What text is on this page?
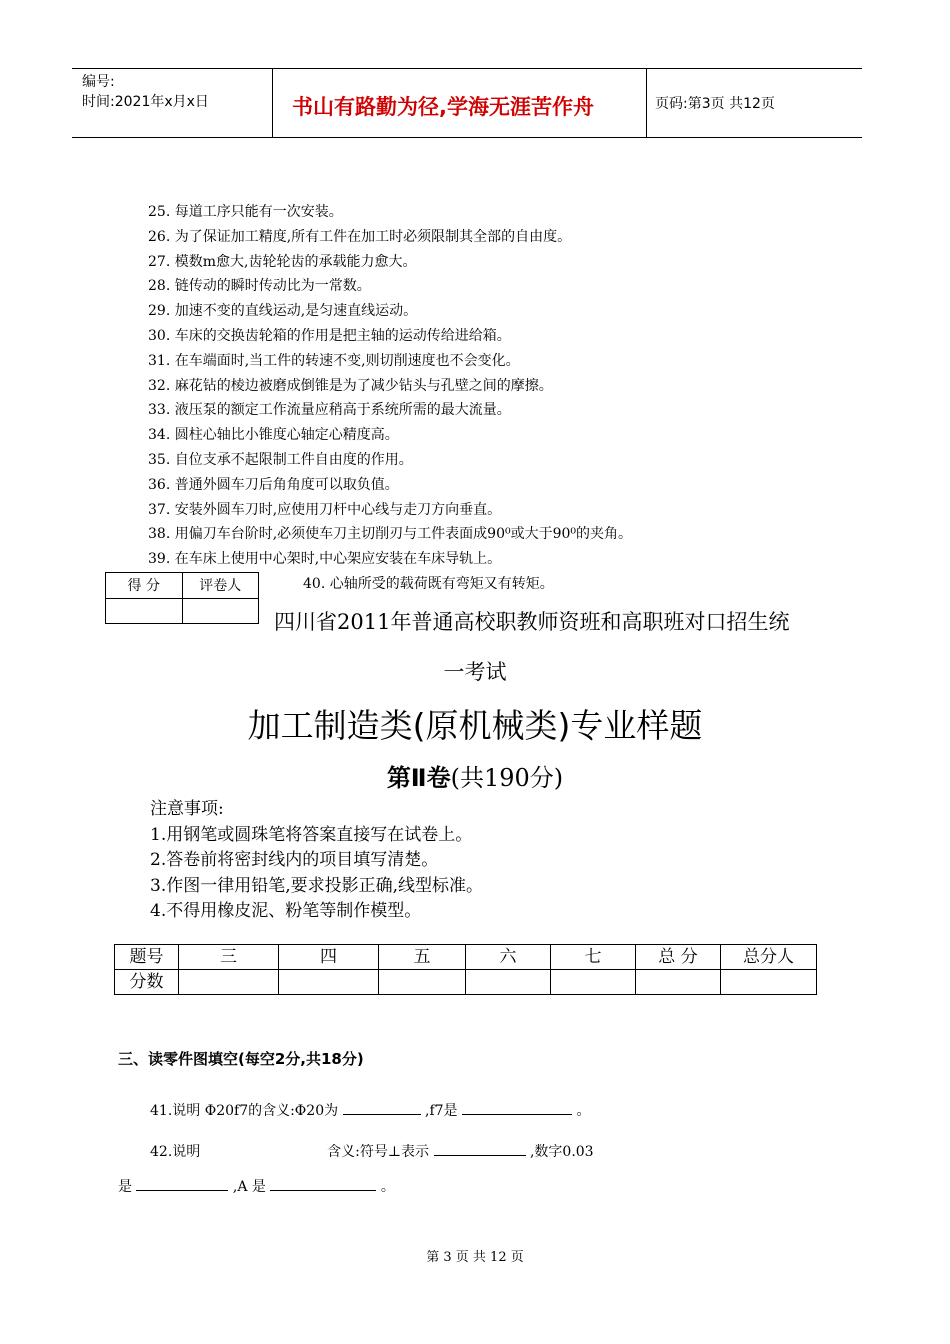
编号:
时间:2021年x月x日	书山有路勤为径,学海无涯苦作舟	页码:第3页 共12页
25. 每道工序只能有一次安装。
26. 为了保证加工精度,所有工件在加工时必须限制其全部的自由度。
27. 模数m愈大,齿轮轮齿的承载能力愈大。
28. 链传动的瞬时传动比为一常数。
29. 加速不变的直线运动,是匀速直线运动。
30. 车床的交换齿轮箱的作用是把主轴的运动传给进给箱。
31. 在车端面时,当工件的转速不变,则切削速度也不会变化。
32. 麻花钻的棱边被磨成倒锥是为了减少钻头与孔壁之间的摩擦。
33. 液压泵的额定工作流量应稍高于系统所需的最大流量。
34. 圆柱心轴比小锥度心轴定心精度高。
35. 自位支承不起限制工件自由度的作用。
36. 普通外圆车刀后角角度可以取负值。
37. 安装外圆车刀时,应使用刀杆中心线与走刀方向垂直。
38. 用偏刀车台阶时,必须使车刀主切削刃与工件表面成90⁰或大于90⁰的夹角。
39. 在车床上使用中心架时,中心架应安装在车床导轨上。
得 分	评卷人
		40. 心轴所受的载荷既有弯矩又有转矩。
四川省2011年普通高校职教师资班和高职班对口招生统
一考试
加工制造类(原机械类)专业样题
第Ⅱ卷(共190分)
注意事项:
1.用钢笔或圆珠笔将答案直接写在试卷上。
2.答卷前将密封线内的项目填写清楚。
3.作图一律用铅笔,要求投影正确,线型标准。
4.不得用橡皮泥、粉笔等制作模型。
题号	三	四	五	六	七	总 分	总分人
分数							
三、读零件图填空(每空2分,共18分)
41.说明 Φ20f7的含义:Φ20为	,f7是	。
42.说明	含义:符号⊥表示	,数字0.03
是	,A 是	。
第 3 页 共 12 页
